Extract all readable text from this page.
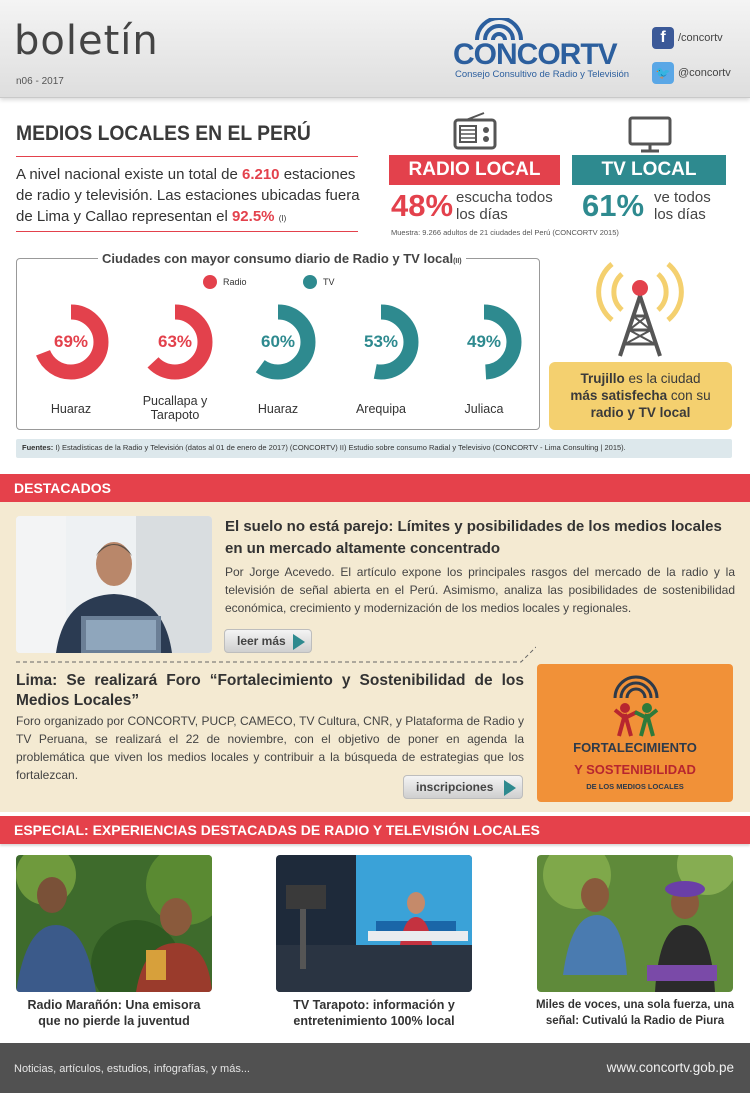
boletín
n06 - 2017
CONCORTV
Consejo Consultivo de Radio y Televisión
f	/concortv
🐦 @concortv
MEDIOS LOCALES EN EL PERÚ
A nivel nacional existe un total de 6.210 estaciones de radio y televisión. Las estaciones ubicadas fuera de Lima y Callao representan el 92.5% (I)
RADIO LOCAL	TV LOCAL
48% escucha todos
los días	61% ve todos
los días
Muestra: 9.266 adultos de 21 ciudades del Perú (CONCORTV 2015)
Ciudades con mayor consumo diario de Radio y TV local(II)
Radio	TV
69%
Huaraz
63%
Pucallapa y Tarapoto
60%
Huaraz
53%
Arequipa
49%
Juliaca
Trujillo es la ciudad
más satisfecha con su
radio y TV local
Fuentes: I) Estadísticas de la Radio y Televisión (datos al 01 de enero de 2017) (CONCORTV) II) Estudio sobre consumo Radial y Televisivo (CONCORTV - Lima Consulting | 2015).
DESTACADOS
El suelo no está parejo: Límites y posibilidades de los medios locales en un mercado altamente concentrado
Por Jorge Acevedo. El artículo expone los principales rasgos del mercado de la radio y la televisión de señal abierta en el Perú. Asimismo, analiza las posibilidades de sostenibilidad económica, crecimiento y modernización de los medios locales y regionales.
leer más
Lima: Se realizará Foro “Fortalecimiento y Sostenibilidad de los Medios Locales”
Foro organizado por CONCORTV, PUCP, CAMECO, TV Cultura, CNR, y Plataforma de Radio y TV Peruana, se realizará el 22 de noviembre, con el objetivo de poner en agenda la problemática que viven los medios locales y contribuir a la búsqueda de estrategias que los fortalezcan.
inscripciones
FORTALECIMIENTO
Y SOSTENIBILIDAD
DE LOS MEDIOS LOCALES
ESPECIAL: EXPERIENCIAS DESTACADAS DE RADIO Y TELEVISIÓN LOCALES
Radio Marañón: Una emisora
que no pierde la juventud
TV Tarapoto: información y
entretenimiento 100% local
Miles de voces, una sola fuerza, una
señal: Cutivalú la Radio de Piura
Noticias, artículos, estudios, infografías, y más...	www.concortv.gob.pe
